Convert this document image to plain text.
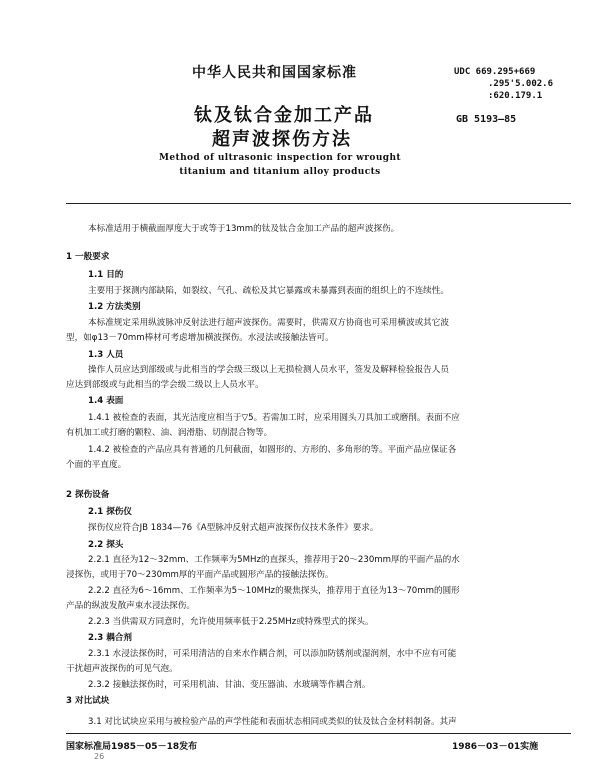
中华人民共和国国家标准	UDC 669.295+669
.295'5.002.6
:620.179.1
GB 5193—85
钛及钛合金加工产品
超声波探伤方法
Method of ultrasonic inspection for wrought
titanium and titanium alloy products
本标准适用于横截面厚度大于或等于13mm的钛及钛合金加工产品的超声波探伤。
1 一般要求
1.1 目的
主要用于探测内部缺陷，如裂纹、气孔、疏松及其它暴露或未暴露到表面的组织上的不连续性。
1.2 方法类别
本标准规定采用纵波脉冲反射法进行超声波探伤。需要时，供需双方协商也可采用横波或其它波
型，如φ13－70mm棒材可考虑增加横波探伤。水浸法或接触法皆可。
1.3 人员
操作人员应达到部级或与此相当的学会级三级以上无损检测人员水平，签发及解释检验报告人员
应达到部级或与此相当的学会级二级以上人员水平。
1.4 表面
1.4.1 被检查的表面，其光洁度应相当于▽5。若需加工时，应采用圆头刀具加工或磨削。表面不应
有机加工或打磨的颗粒、油、润滑脂、切削混合物等。
1.4.2 被检查的产品应具有普通的几何截面，如圆形的、方形的、多角形的等。平面产品应保证各
个面的平直度。
2 探伤设备
2.1 探伤仪
探伤仪应符合JB 1834—76《A型脉冲反射式超声波探伤仪技术条件》要求。
2.2 探头
2.2.1 直径为12～32mm、工作频率为5MHz的直探头，推荐用于20～230mm厚的平面产品的水
浸探伤，或用于70～230mm厚的平面产品或圆形产品的接触法探伤。
2.2.2 直径为6～16mm、工作频率为5～10MHz的聚焦探头，推荐用于直径为13～70mm的圆形
产品的纵波发散声束水浸法探伤。
2.2.3 当供需双方同意时，允许使用频率低于2.25MHz或特殊型式的探头。
2.3 耦合剂
2.3.1 水浸法探伤时，可采用清洁的自来水作耦合剂，可以添加防锈剂或湿润剂，水中不应有可能
干扰超声波探伤的可见气泡。
2.3.2 接触法探伤时，可采用机油、甘油、变压器油、水玻璃等作耦合剂。
3 对比试块
3.1 对比试块应采用与被检验产品的声学性能和表面状态相同或类似的钛及钛合金材料制备。其声
国家标准局1985－05－18发布	1986－03－01实施
26
